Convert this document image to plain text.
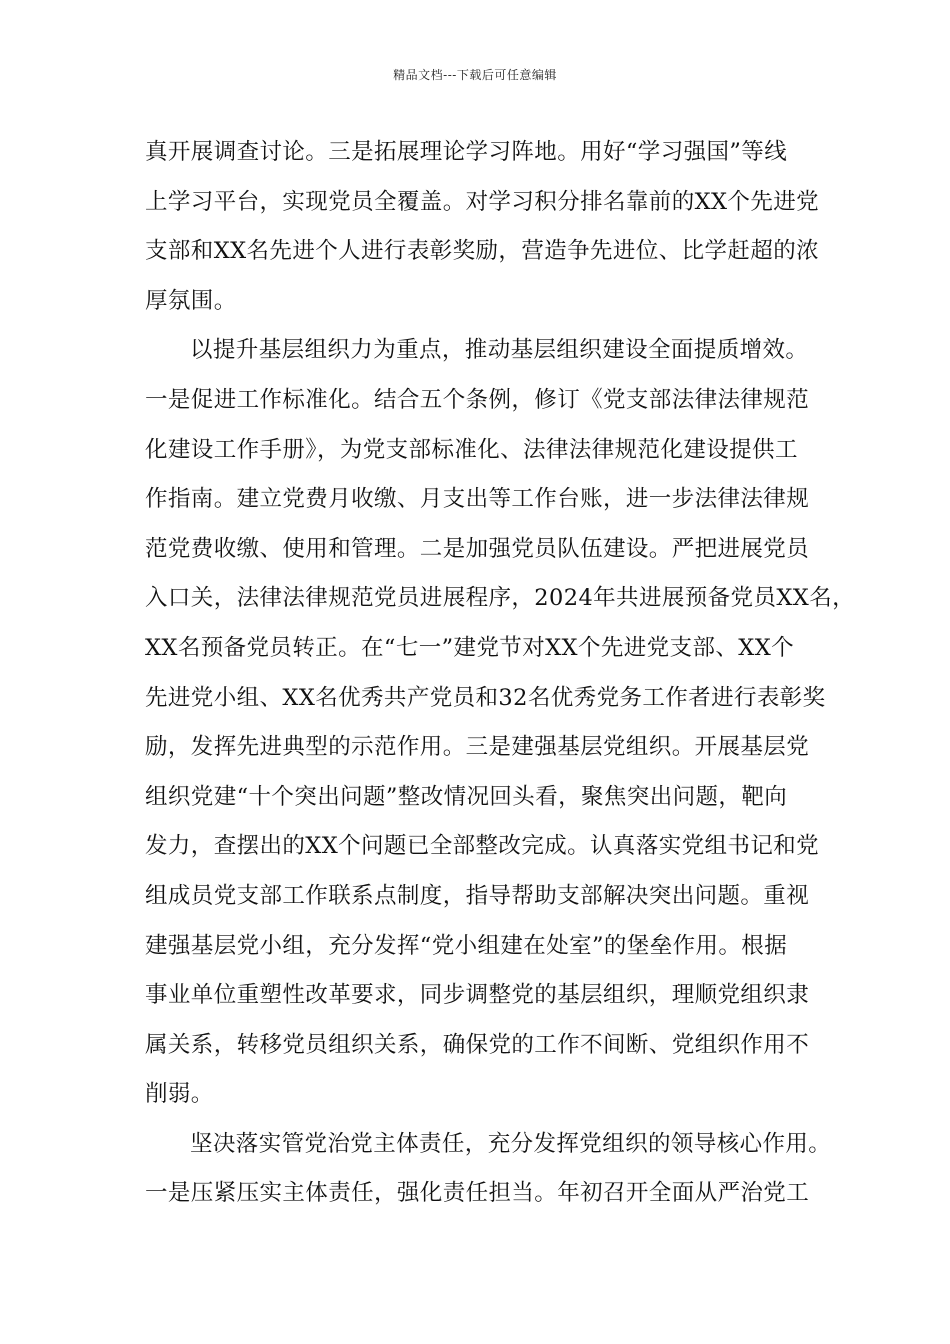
精品文档---下载后可任意编辑
真开展调查讨论。三是拓展理论学习阵地。用好“学习强国”等线
上学习平台，实现党员全覆盖。对学习积分排名靠前的XX个先进党
支部和XX名先进个人进行表彰奖励，营造争先进位、比学赶超的浓
厚氛围。
以提升基层组织力为重点，推动基层组织建设全面提质增效。
一是促进工作标准化。结合五个条例，修订《党支部法律法律规范
化建设工作手册》，为党支部标准化、法律法律规范化建设提供工
作指南。建立党费月收缴、月支出等工作台账，进一步法律法律规
范党费收缴、使用和管理。二是加强党员队伍建设。严把进展党员
入口关，法律法律规范党员进展程序，2024年共进展预备党员XX名，
XX名预备党员转正。在“七一”建党节对XX个先进党支部、XX个
先进党小组、XX名优秀共产党员和32名优秀党务工作者进行表彰奖
励，发挥先进典型的示范作用。三是建强基层党组织。开展基层党
组织党建“十个突出问题”整改情况回头看，聚焦突出问题，靶向
发力，查摆出的XX个问题已全部整改完成。认真落实党组书记和党
组成员党支部工作联系点制度，指导帮助支部解决突出问题。重视
建强基层党小组，充分发挥“党小组建在处室”的堡垒作用。根据
事业单位重塑性改革要求，同步调整党的基层组织，理顺党组织隶
属关系，转移党员组织关系，确保党的工作不间断、党组织作用不
削弱。
坚决落实管党治党主体责任，充分发挥党组织的领导核心作用。
一是压紧压实主体责任，强化责任担当。年初召开全面从严治党工
